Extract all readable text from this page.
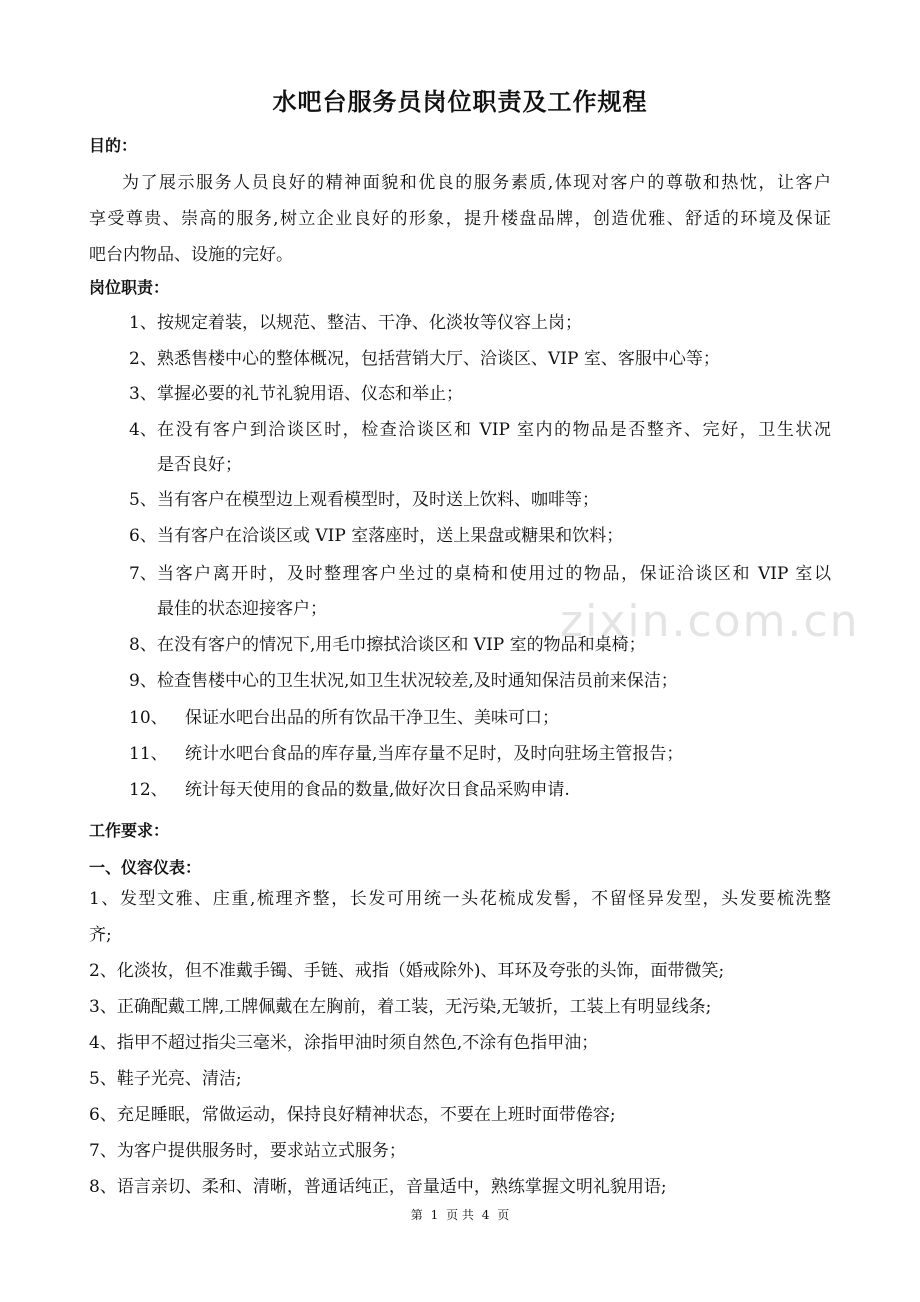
zixin.com.cn
水吧台服务员岗位职责及工作规程
目的：
为了展示服务人员良好的精神面貌和优良的服务素质,体现对客户的尊敬和热忱，让客户
享受尊贵、崇高的服务,树立企业良好的形象，提升楼盘品牌，创造优雅、舒适的环境及保证
吧台内物品、设施的完好。
岗位职责：
1、 按规定着装，以规范、整洁、干净、化淡妆等仪容上岗；
2、 熟悉售楼中心的整体概况，包括营销大厅、洽谈区、VIP 室、客服中心等；
3、 掌握必要的礼节礼貌用语、仪态和举止；
4、 在没有客户到洽谈区时，检查洽谈区和 VIP 室内的物品是否整齐、完好，卫生状况
是否良好；
5、 当有客户在模型边上观看模型时，及时送上饮料、咖啡等；
6、 当有客户在洽谈区或 VIP 室落座时，送上果盘或糖果和饮料；
7、 当客户离开时，及时整理客户坐过的桌椅和使用过的物品，保证洽谈区和 VIP 室以
最佳的状态迎接客户；
8、 在没有客户的情况下,用毛巾擦拭洽谈区和 VIP 室的物品和桌椅；
9、 检查售楼中心的卫生状况,如卫生状况较差,及时通知保洁员前来保洁；
10、 保证水吧台出品的所有饮品干净卫生、美味可口；
11、 统计水吧台食品的库存量,当库存量不足时，及时向驻场主管报告；
12、 统计每天使用的食品的数量,做好次日食品采购申请.
工作要求：
一、仪容仪表：
1、发型文雅、庄重,梳理齐整，长发可用统一头花梳成发髻，不留怪异发型，头发要梳洗整
齐;
2、化淡妆，但不准戴手镯、手链、戒指（婚戒除外)、耳环及夸张的头饰，面带微笑;
3、正确配戴工牌,工牌佩戴在左胸前，着工装，无污染,无皱折，工装上有明显线条;
4、指甲不超过指尖三毫米，涂指甲油时须自然色,不涂有色指甲油；
5、鞋子光亮、清洁;
6、充足睡眠，常做运动，保持良好精神状态，不要在上班时面带倦容;
7、为客户提供服务时，要求站立式服务；
8、语言亲切、柔和、清晰，普通话纯正，音量适中，熟练掌握文明礼貌用语;
第 1 页 共 4 页
